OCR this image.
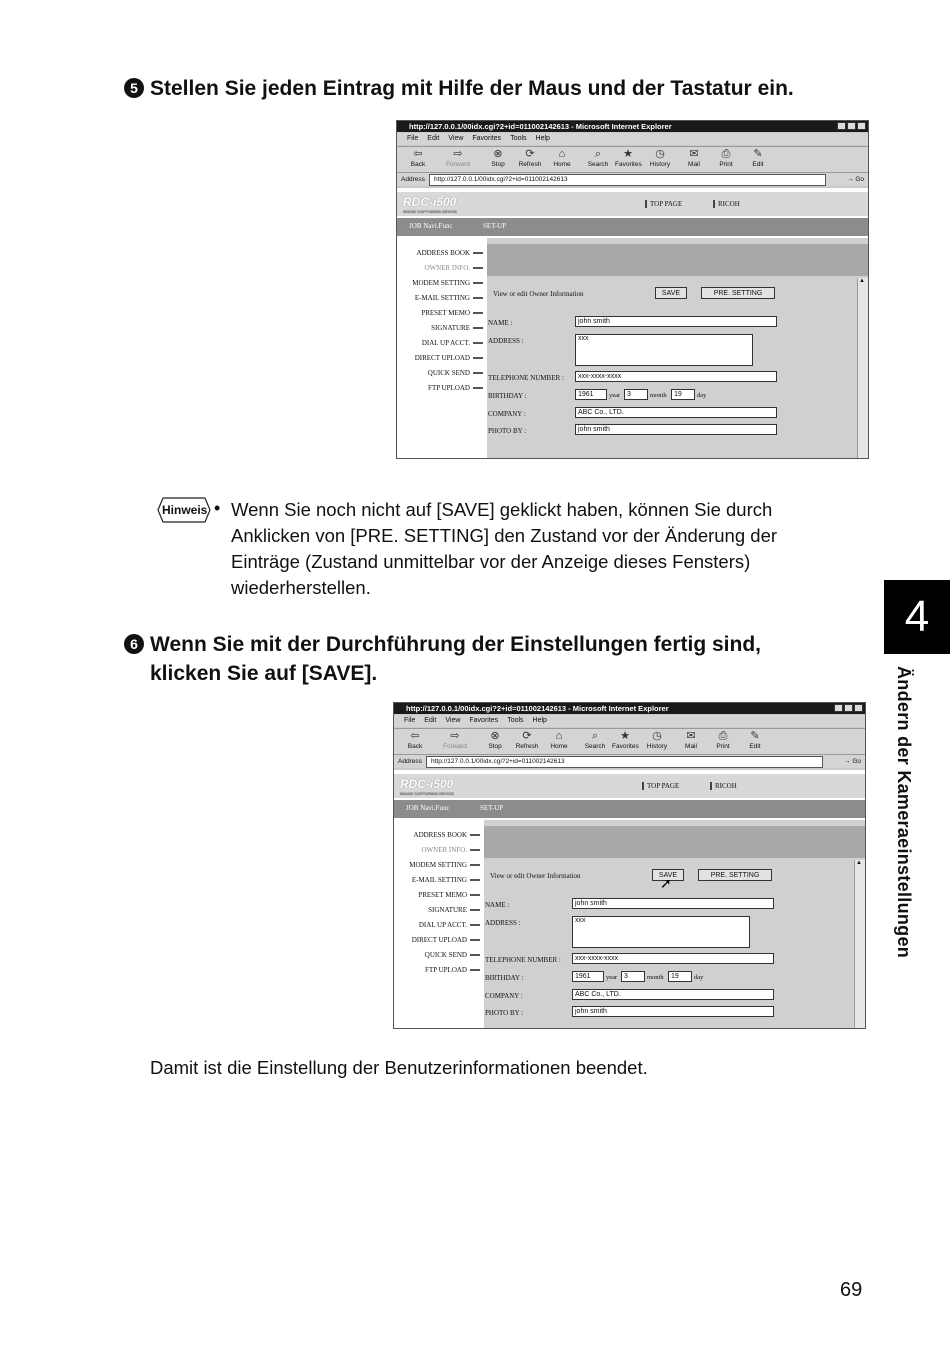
5 Stellen Sie jeden Eintrag mit Hilfe der Maus und der Tastatur ein.
http://127.0.0.1/00idx.cgi?2+id=011002142613 - Microsoft Internet Explorer
File Edit View Favorites Tools Help
⇦
Back
⇨
Forward
⊗
Stop
⟳
Refresh
⌂
Home
⌕
Search
★
Favorites
◷
History
✉
Mail
⎙
Print
✎
Edit
Address	http://127.0.0.1/00idx.cgi?2+id=011002142613	→ Go
RDC-i500
IMAGE CAPTURING DEVICE
TOP PAGE	RICOH
JOB Navi.Func	SET-UP
ADDRESS BOOK
OWNER INFO.
MODEM SETTING
E-MAIL SETTING
PRESET MEMO
SIGNATURE
DIAL UP ACCT.
DIRECT UPLOAD
QUICK SEND
FTP UPLOAD
▲
View or edit Owner Information	SAVE	PRE. SETTING
NAME :	john smith
ADDRESS :	xxx
TELEPHONE NUMBER :	xxx-xxxx-xxxx
BIRTHDAY :	1961	year 3	month	19	day
COMPANY :	ABC Co., LTD.
PHOTO BY :	john smith
Hinweis • Wenn Sie noch nicht auf [SAVE] geklickt haben, können Sie durch
Anklicken von [PRE. SETTING] den Zustand vor der Änderung der
Einträge (Zustand unmittelbar vor der Anzeige dieses Fensters)
wiederherstellen.
6 Wenn Sie mit der Durchführung der Einstellungen fertig sind,
klicken Sie auf [SAVE].
http://127.0.0.1/00idx.cgi?2+id=011002142613 - Microsoft Internet Explorer
File Edit View Favorites Tools Help
⇦
Back
⇨
Forward
⊗
Stop
⟳
Refresh
⌂
Home
⌕
Search
★
Favorites
◷
History
✉
Mail
⎙
Print
✎
Edit
Address	http://127.0.0.1/00idx.cgi?2+id=011002142613	→ Go
RDC-i500
IMAGE CAPTURING DEVICE
TOP PAGE	RICOH
JOB Navi.Func	SET-UP
ADDRESS BOOK
OWNER INFO.
MODEM SETTING
E-MAIL SETTING
PRESET MEMO
SIGNATURE
DIAL UP ACCT.
DIRECT UPLOAD
QUICK SEND
FTP UPLOAD
▲
View or edit Owner Information	SAVE	PRE. SETTING
➚
NAME :	john smith
ADDRESS :	xxx
TELEPHONE NUMBER :	xxx-xxxx-xxxx
BIRTHDAY :	1961	year 3	month	19	day
COMPANY :	ABC Co., LTD.
PHOTO BY :	john smith
Damit ist die Einstellung der Benutzerinformationen beendet.
4
Ändern der Kameraeinstellungen
69
